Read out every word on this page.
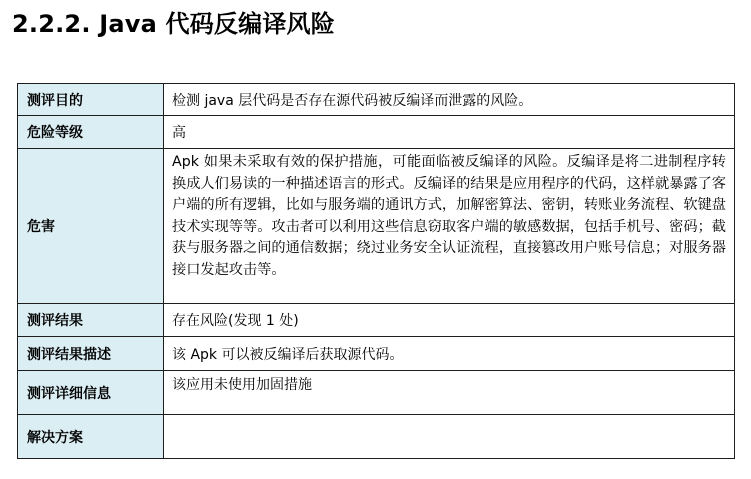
2.2.2. Java 代码反编译风险
测评目的	检测 java 层代码是否存在源代码被反编译而泄露的风险。
危险等级	高
危害	Apk 如果未采取有效的保护措施，可能面临被反编译的风险。反编译是将二进制程序转换成人们易读的一种描述语言的形式。反编译的结果是应用程序的代码，这样就暴露了客户端的所有逻辑，比如与服务端的通讯方式，加解密算法、密钥，转账业务流程、软键盘技术实现等等。攻击者可以利用这些信息窃取客户端的敏感数据，包括手机号、密码；截获与服务器之间的通信数据；绕过业务安全认证流程，直接篡改用户账号信息；对服务器接口发起攻击等。

测评结果	存在风险(发现 1 处)
测评结果描述	该 Apk 可以被反编译后获取源代码。
测评详细信息	该应用未使用加固措施
解决方案	
